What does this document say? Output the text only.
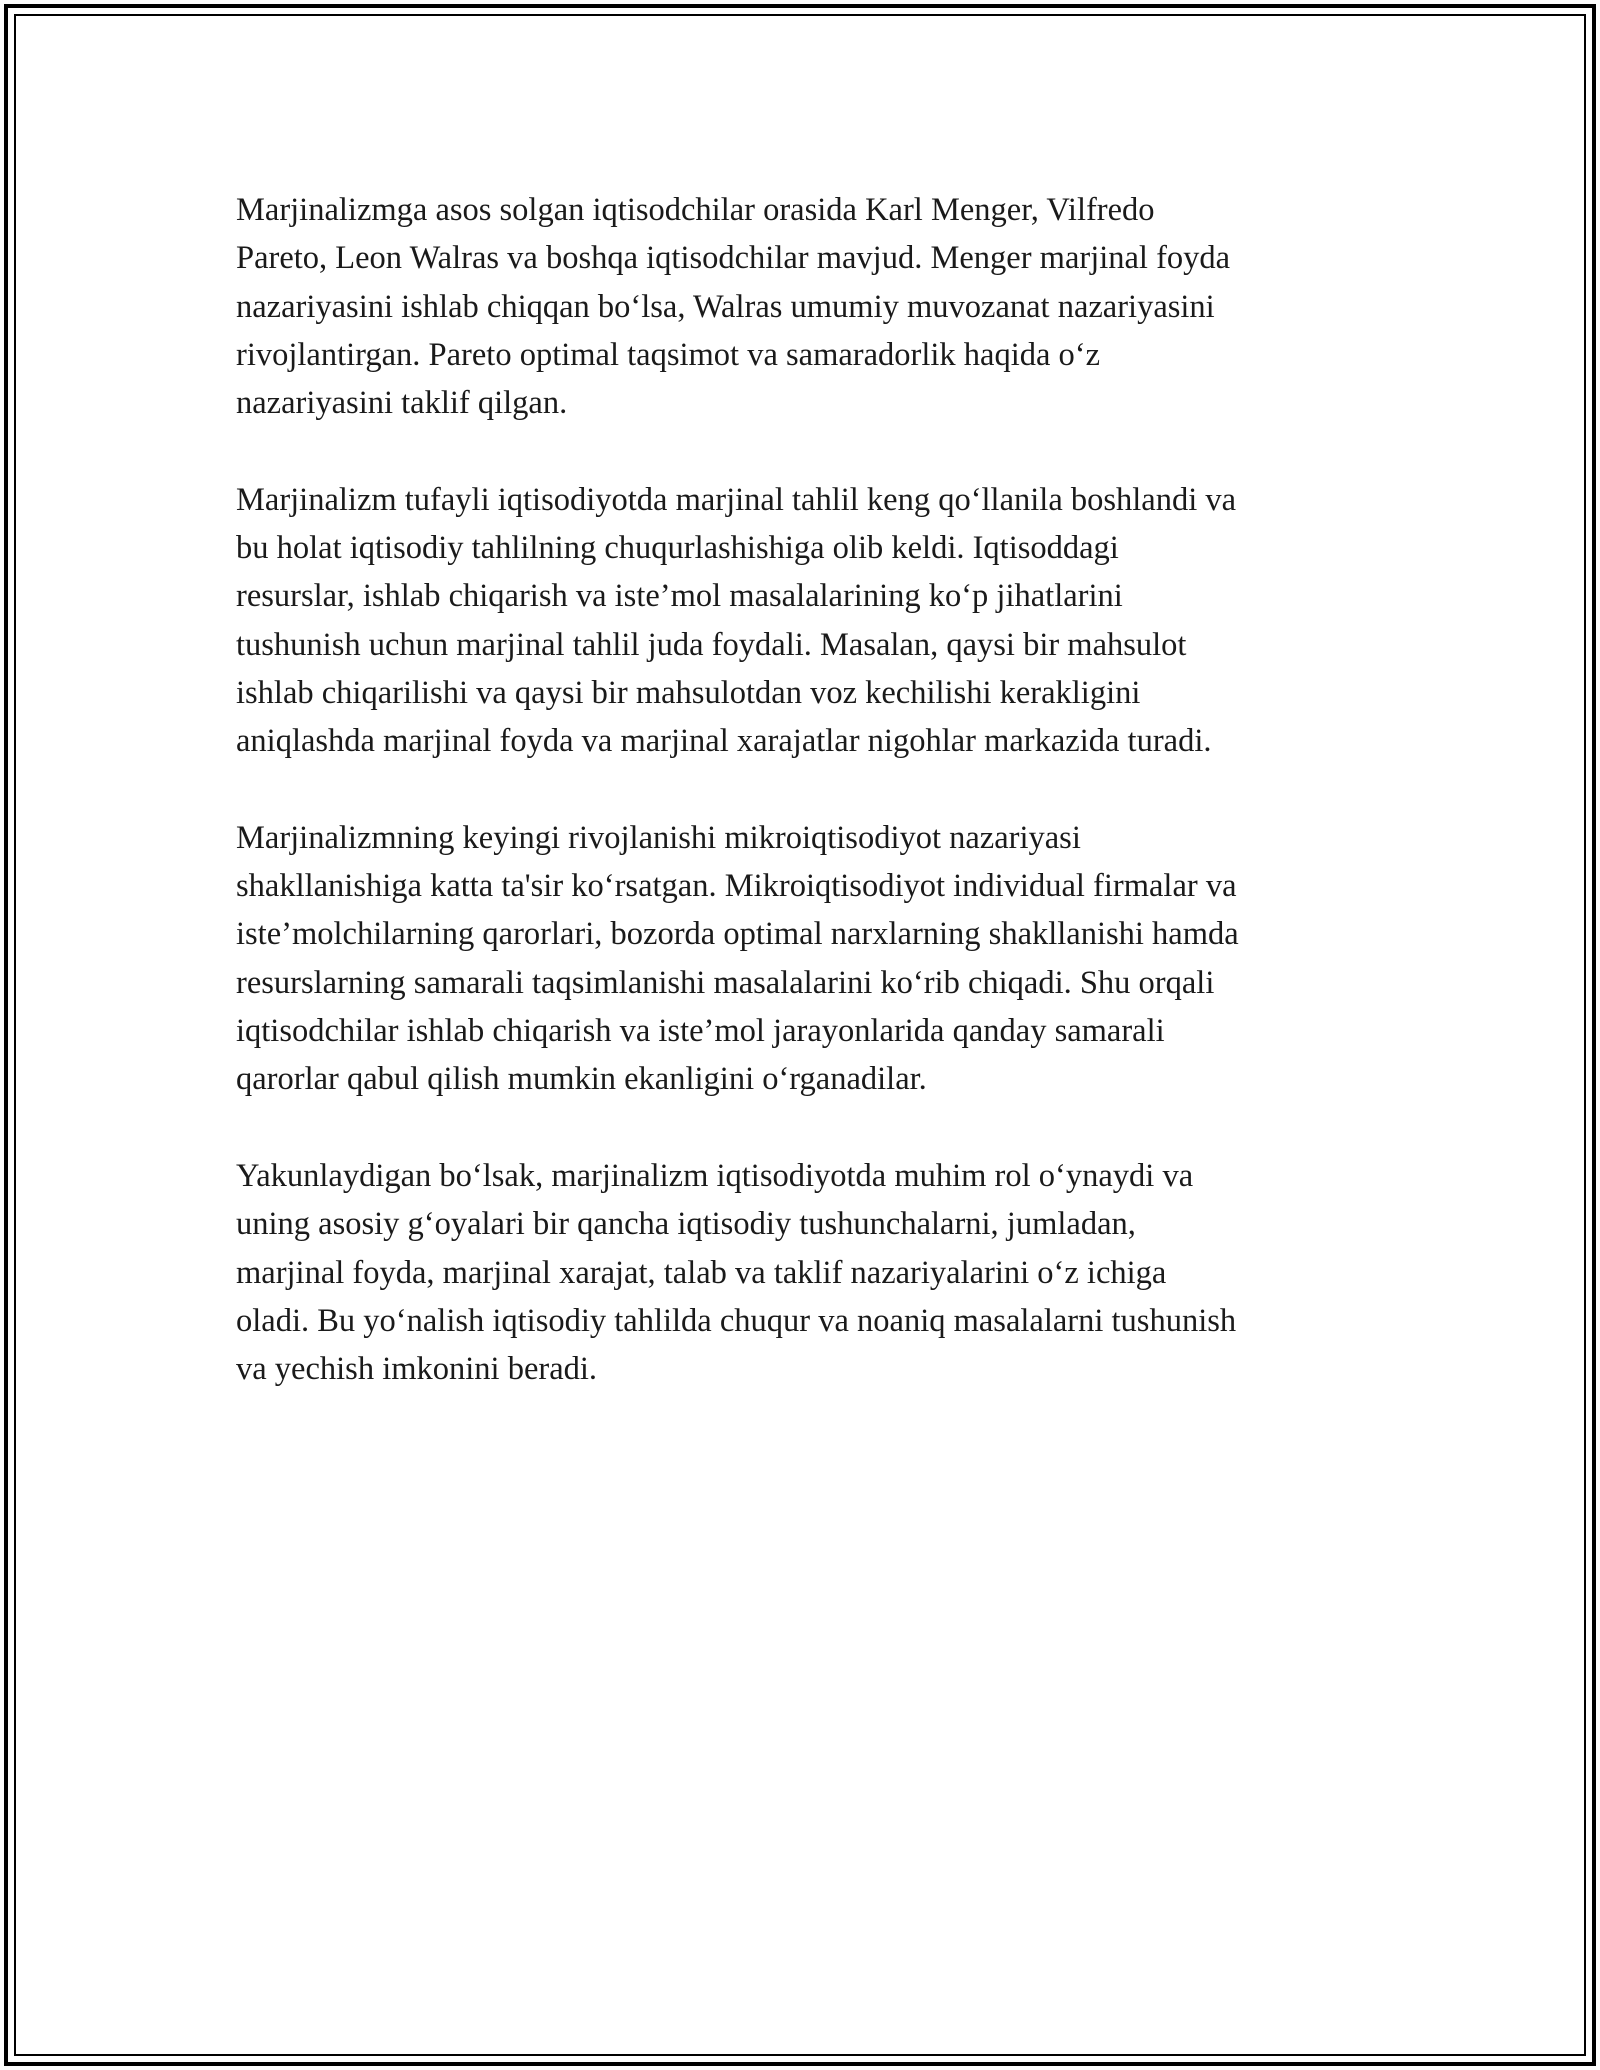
Marjinalizmga asos solgan iqtisodchilar orasida Karl Menger, Vilfredo
Pareto, Leon Walras va boshqa iqtisodchilar mavjud. Menger marjinal foyda
nazariyasini ishlab chiqqan bo‘lsa, Walras umumiy muvozanat nazariyasini
rivojlantirgan. Pareto optimal taqsimot va samaradorlik haqida o‘z
nazariyasini taklif qilgan.

Marjinalizm tufayli iqtisodiyotda marjinal tahlil keng qo‘llanila boshlandi va
bu holat iqtisodiy tahlilning chuqurlashishiga olib keldi. Iqtisoddagi
resurslar, ishlab chiqarish va iste’mol masalalarining ko‘p jihatlarini
tushunish uchun marjinal tahlil juda foydali. Masalan, qaysi bir mahsulot
ishlab chiqarilishi va qaysi bir mahsulotdan voz kechilishi kerakligini
aniqlashda marjinal foyda va marjinal xarajatlar nigohlar markazida turadi.

Marjinalizmning keyingi rivojlanishi mikroiqtisodiyot nazariyasi
shakllanishiga katta ta'sir ko‘rsatgan. Mikroiqtisodiyot individual firmalar va
iste’molchilarning qarorlari, bozorda optimal narxlarning shakllanishi hamda
resurslarning samarali taqsimlanishi masalalarini ko‘rib chiqadi. Shu orqali
iqtisodchilar ishlab chiqarish va iste’mol jarayonlarida qanday samarali
qarorlar qabul qilish mumkin ekanligini o‘rganadilar.

Yakunlaydigan bo‘lsak, marjinalizm iqtisodiyotda muhim rol o‘ynaydi va
uning asosiy g‘oyalari bir qancha iqtisodiy tushunchalarni, jumladan,
marjinal foyda, marjinal xarajat, talab va taklif nazariyalarini o‘z ichiga
oladi. Bu yo‘nalish iqtisodiy tahlilda chuqur va noaniq masalalarni tushunish
va yechish imkonini beradi.
